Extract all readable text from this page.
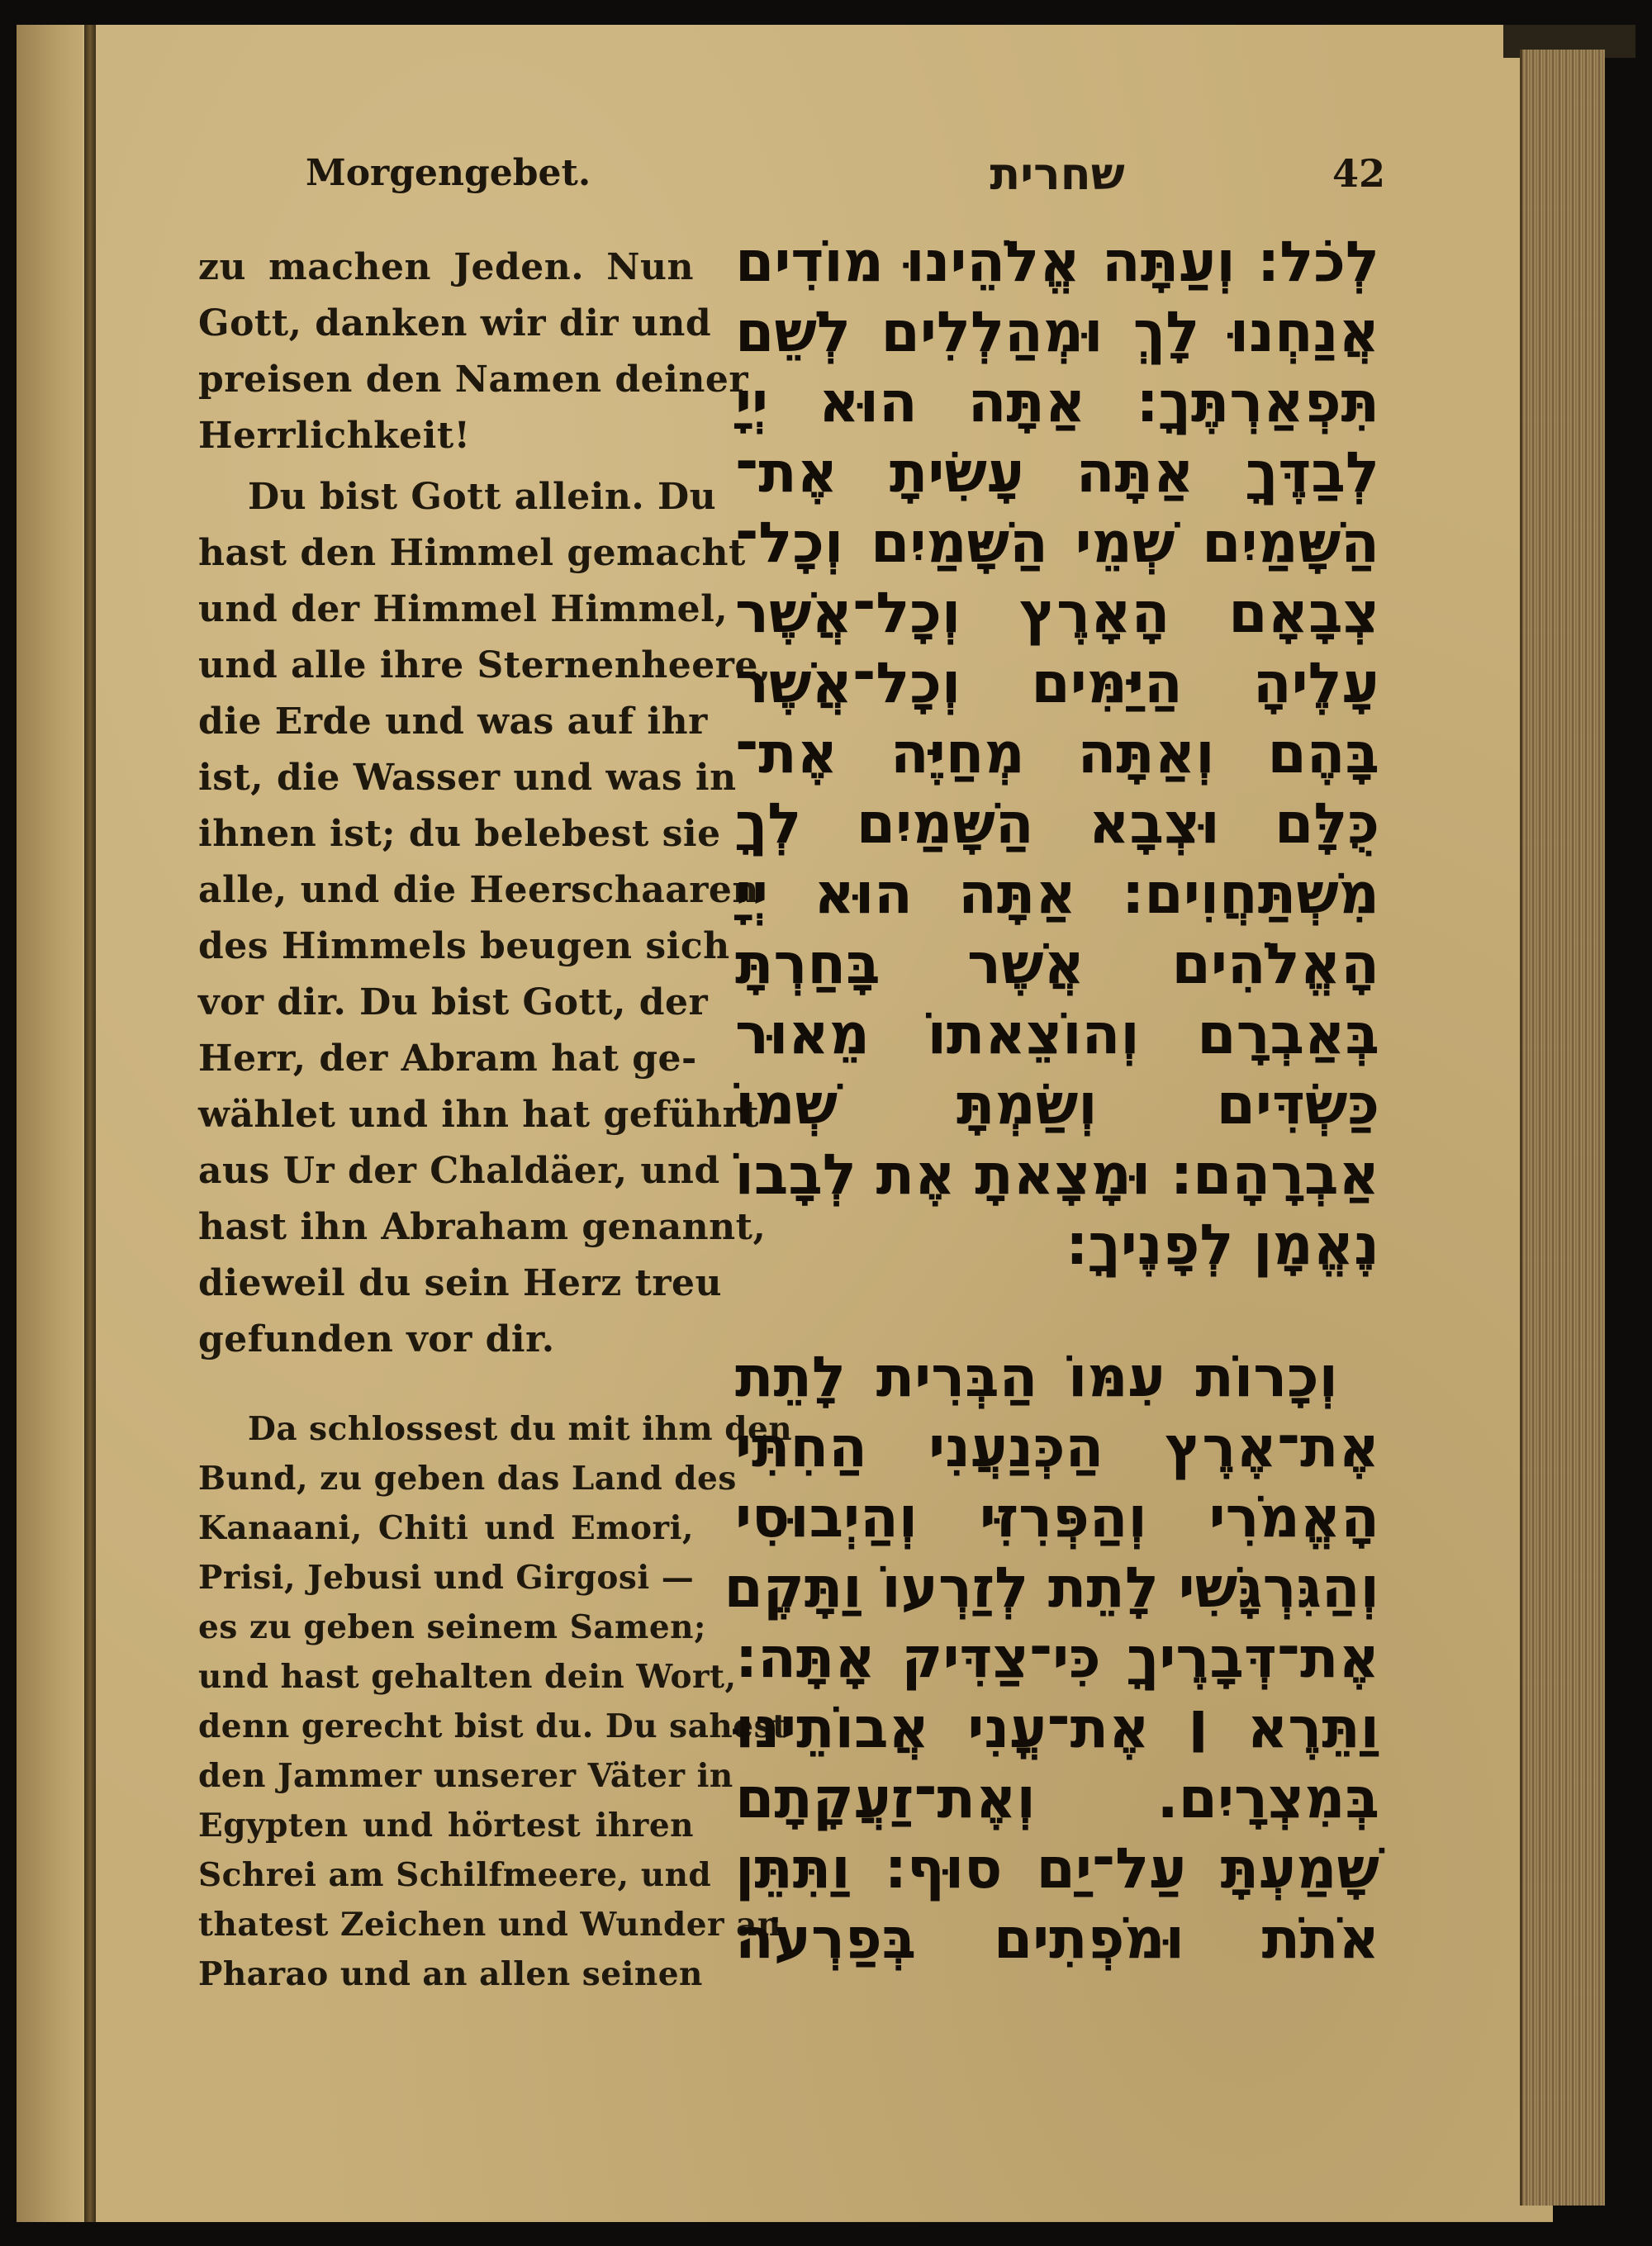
Morgengebet.	שחרית	42
zu machen Jeden. Nun
Gott, danken wir dir und
preisen den Namen deiner
Herrlichkeit!
Du bist Gott allein. Du
hast den Himmel gemacht
und der Himmel Himmel,
und alle ihre Sternenheere,
die Erde und was auf ihr
ist, die Wasser und was in
ihnen ist; du belebest sie
alle, und die Heerschaaren
des Himmels beugen sich
vor dir. Du bist Gott, der
Herr, der Abram hat ge-
wählet und ihn hat geführt
aus Ur der Chaldäer, und
hast ihn Abraham genannt,
dieweil du sein Herz treu
gefunden vor dir.
Da schlossest du mit ihm den
Bund, zu geben das Land des
Kanaani, Chiti und Emori,
Prisi, Jebusi und Girgosi —
es zu geben seinem Samen;
und hast gehalten dein Wort,
denn gerecht bist du. Du sahest
den Jammer unserer Väter in
Egypten und hörtest ihren
Schrei am Schilfmeere, und
thatest Zeichen und Wunder an
Pharao und an allen seinen
לְכֹל: וְעַתָּה אֱלֹהֵינוּ מוֹדִים
אֲנַחְנוּ לָךְ וּמְהַלְלִים לְשֵׁם
תִּפְאַרְתֶּךָ: אַתָּה הוּא יְיָ
לְבַדֶּךָ אַתָּה עָשִׂיתָ אֶת־
הַשָּׁמַיִם שְׁמֵי הַשָּׁמַיִם וְכָל־
צְבָאָם הָאָרֶץ וְכָל־אֲשֶׁר
עָלֶיהָ הַיַּמִּים וְכָל־אֲשֶׁר
בָּהֶם וְאַתָּה מְחַיֶּה אֶת־
כֻּלָּם וּצְבָא הַשָּׁמַיִם לְךָ
מִשְׁתַּחֲוִים: אַתָּה הוּא יְיָ
הָאֱלֹהִים אֲשֶׁר בָּחַרְתָּ
בְּאַבְרָם וְהוֹצֵאתוֹ מֵאוּר
כַּשְׂדִּים וְשַׂמְתָּ שְׁמוֹ
אַבְרָהָם: וּמָצָאתָ אֶת לְבָבוֹ
נֶאֱמָן לְפָנֶיךָ:
וְכָרוֹת עִמּוֹ הַבְּרִית לָתֵת
אֶת־אֶרֶץ הַכְּנַעֲנִי הַחִתִּי
הָאֱמֹרִי וְהַפְּרִזִּי וְהַיְבוּסִי
וְהַגִּרְגָּשִׁי לָתֵת לְזַרְעוֹ וַתָּקֶם
אֶת־דְּבָרֶיךָ כִּי־צַדִּיק אָתָּה:
וַתֵּרֶא ׀ אֶת־עֳנִי אֲבוֹתֵינוּ
בְּמִצְרָיִם. וְאֶת־זַעֲקָתָם
שָׁמַעְתָּ עַל־יַם סוּף: וַתִּתֵּן
אֹתֹת וּמֹפְתִים בְּפַרְעֹה
